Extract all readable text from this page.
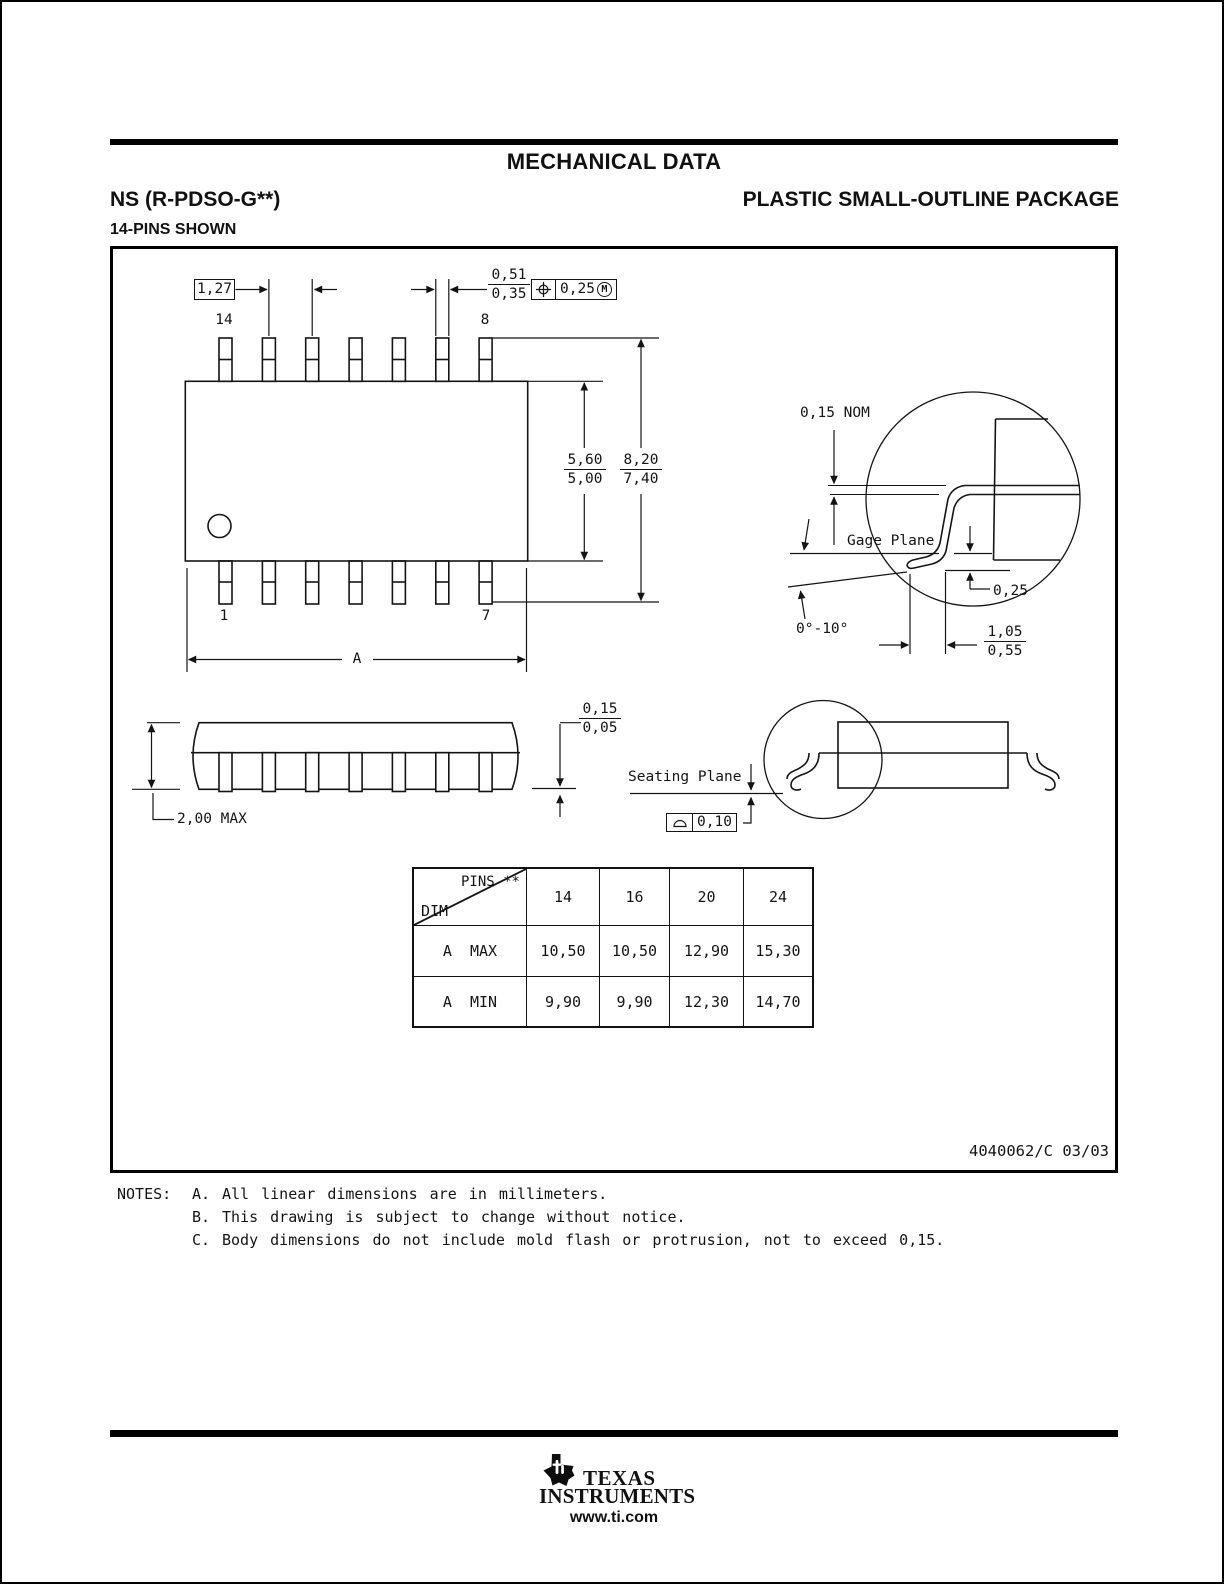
MECHANICAL DATA
NS (R-PDSO-G**)	PLASTIC SMALL-OUTLINE PACKAGE
14-PINS SHOWN
1,27	$\frac{0,51}{0,35} 0,25$ M
14	8
1	7
$\frac{5,60}{5,00} \frac{8,20}{7,40}$
A
0,15 NOM
Gage Plane
0,25
0°-10°	$\frac{1,05}{0,55}$
2,00 MAX
$\frac{0,15}{0,05}$
Seating Plane
0,10
PINS **
DIM
14	16	20	24
A  MAX	10,50	10,50	12,90	15,30
A  MIN	9,90	9,90	12,30	14,70
4040062/C 03/03
NOTES:	A. All linear dimensions are in millimeters.
B. This drawing is subject to change without notice.
C. Body dimensions do not include mold flash or protrusion, not to exceed 0,15.
TEXAS
INSTRUMENTS
www.ti.com
